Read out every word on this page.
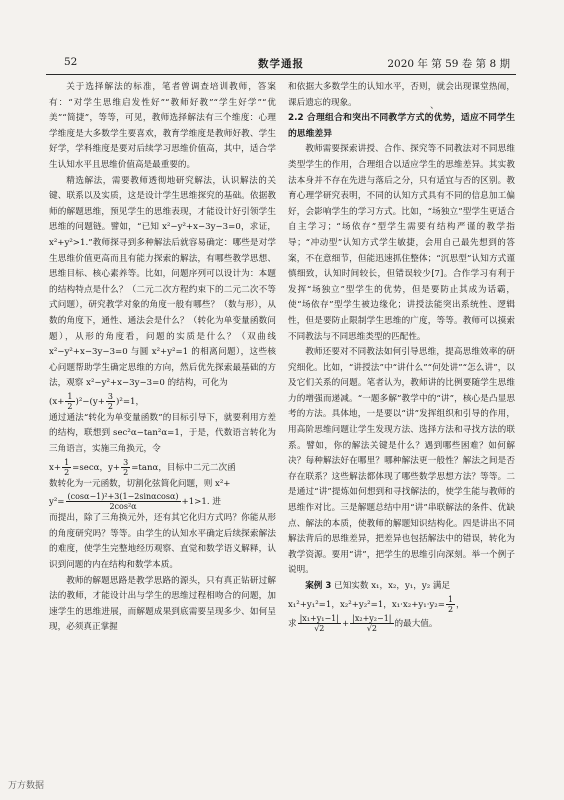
52	数学通报	2020 年 第 59 卷 第 8 期

关于选择解法的标准，笔者曾调查培训教师，答案有：“对学生思维启发性好”“教师好教”“学生好学”“优美”“简捷”，等等，可见，教师选择解法有三个维度：心理学维度是大多数学生要喜欢，教育学维度是教师好教、学生好学，学科维度是要对后续学习思维价值高，其中，适合学生认知水平且思维价值高是最重要的。

精选解法，需要教师透彻地研究解法，认识解法的关键、联系以及实质，这是设计学生思维探究的基础。依据教师的解题思维，预见学生的思维表现，才能设计好引领学生思维的问题链。譬如，“已知 x²−y²+x−3y−3=0，求证，x²+y²>1.”教师探寻到多种解法后就容易确定：哪些是对学生思维价值更高而且有能力探索的解法，有哪些教学思想、思维目标、核心素养等。比如，问题序列可以设计为：本题的结构特点是什么？（二元二次方程约束下的二元二次不等式问题），研究教学对象的角度一般有哪些？（数与形），从数的角度下，通性、通法会是什么？（转化为单变量函数问题），从形的角度看，问题的实质是什么？（双曲线 x²−y²+x−3y−3=0 与圆 x²+y²=1 的相离问题），这些核心问题帮助学生确定思维的方向，然后优先探索最基础的方法，观察 x²−y²+x−3y−3=0 的结构，可化为

$(x+ \frac{1}{2} )^2-(y+ \frac{3}{2} )^2=1$，

通过通法“转化为单变量函数”的目标引导下，就要利用方差的结构，联想到 sec²α−tan²α=1，于是，代数语言转化为三角语言，实施三角换元，令

$x+ \frac{1}{2} =\sec\alpha$，$y+ \frac{3}{2} =\tan\alpha$，目标中二元二次函

数转化为一元函数，切割化弦简化问题，则 x²+

$y^2= \frac{\text{(cosα−1)²+3(1−2sinαcosα)}}{\text{2cos²α}} +1>1$. 进

而提出，除了三角换元外，还有其它化归方式吗？你能从形的角度研究吗？等等。由学生的认知水平确定后续探索解法的难度，使学生完整地经历观察、直觉和数学语义解释，认识到问题的内在结构和数学本质。

教师的解题思路是教学思路的源头，只有真正钻研过解法的教师，才能设计出与学生的思维过程相吻合的问题，加速学生的思维进展，而解题成果到底需要呈现多少、如何呈现，必须真正掌握

和依据大多数学生的认知水平，否则，就会出现课堂热闹，课后遗忘的现象。

2.2 合理组合和突出不同教学方式的优势，适应不同学生的思维差异

教师需要探索讲授、合作、探究等不同教法对不同思维类型学生的作用，合理组合以适应学生的思维差异。其实教法本身并不存在先进与落后之分，只有适宜与否的区别。教育心理学研究表明，不同的认知方式具有不同的信息加工偏好，会影响学生的学习方式。比如，“场独立”型学生更适合自主学习；“场依存”型学生需要有结构严谨的教学指导；“冲动型”认知方式学生敏捷，会用自己最先想到的答案，不在意细节，但能迅速抓住整体；“沉思型”认知方式谨慎细致，认知时间较长，但错误较少[7]。合作学习有利于发挥“场独立”型学生的优势，但是要防止其成为话霸，使“场依存”型学生被边缘化；讲授法能突出系统性、逻辑性，但是要防止限制学生思维的广度，等等。教师可以摸索不同教法与不同思维类型的匹配性。

教师还要对不同教法如何引导思维，提高思维效率的研究细化。比如，“讲授法”中“讲什么”“何处讲”“怎么讲”，以及它们关系的问题。笔者认为，教师讲的比例要随学生思维力的增强而递减。“一题多解”教学中的“讲”，核心是凸显思考的方法。具体地，一是要以“讲”发挥组织和引导的作用，用高阶思维问题让学生发现方法、选择方法和寻找方法的联系。譬如，你的解法关键是什么？遇到哪些困难？如何解决？每种解法好在哪里？哪种解法更一般性？解法之间是否存在联系？这些解法都体现了哪些数学思想方法？等等。二是通过“讲”提炼如何想到和寻找解法的，使学生能与教师的思维作对比。三是解题总结中用“讲”串联解法的条件、优缺点、解法的本质，使教师的解题知识结构化。四是讲出不同解法背后的思维差异，把差异也包括解法中的错误，转化为教学资源。要用“讲”，把学生的思维引向深刻。举一个例子说明。

案例 3 已知实数 x₁，x₂，y₁，y₂ 满足

x₁²+y₁²=1，x₂²+y₂²=1，$x_1\cdot x_2+y_1\cdot y_2= \frac{1}{2}$ ，

求 $\frac{\text{|x₁+y₁−1|}}{√2} + \frac{\text{|x₂+y₂−1|}}{√2}$ 的最大值。

、
万方数据
